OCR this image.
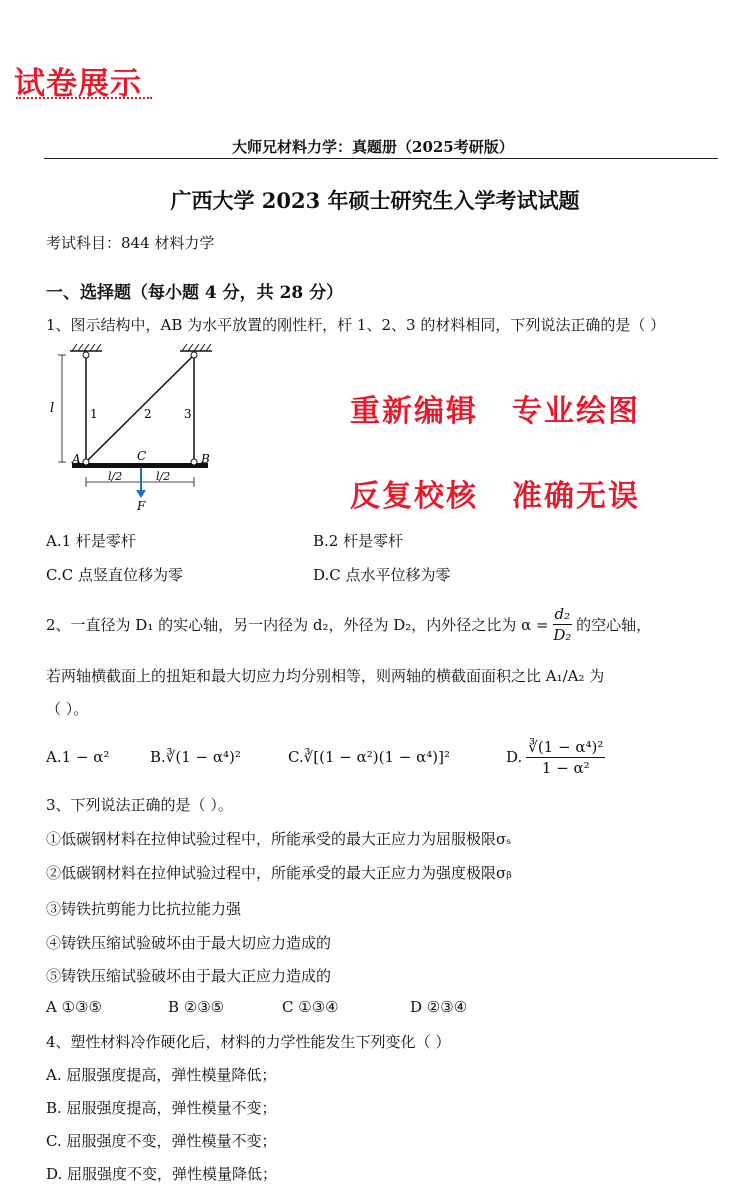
试卷展示
大师兄材料力学：真题册（2025考研版）
广西大学 2023 年硕士研究生入学考试试题
考试科目：844 材料力学
一、选择题（每小题 4 分，共 28 分）
1、图示结构中，AB 为水平放置的刚性杆，杆 1、2、3 的材料相同，下列说法正确的是（ ）
l	1	2	3
A	C	B
l/2	l/2
F
重新编辑 专业绘图
反复校核 准确无误
A.1 杆是零杆	B.2 杆是零杆
C.C 点竖直位移为零	D.C 点水平位移为零
2、一直径为 D₁ 的实心轴，另一内径为 d₂，外径为 D₂，内外径之比为 $\alpha = \frac{\text{d₂}}{\text{D₂}}$ 的空心轴，
若两轴横截面上的扭矩和最大切应力均分别相等，则两轴的横截面面积之比 A₁/A₂ 为
（ ）。
A.1 − α²	B.∛(1 − α⁴)²	C.∛[(1 − α²)(1 − α⁴)]²	D. $\frac{\text{∛(1 − α⁴)²}}{\text{1 − α²}}$
3、下列说法正确的是（ ）。
①低碳钢材料在拉伸试验过程中，所能承受的最大正应力为屈服极限σₛ
②低碳钢材料在拉伸试验过程中，所能承受的最大正应力为强度极限σᵦ
③铸铁抗剪能力比抗拉能力强
④铸铁压缩试验破坏由于最大切应力造成的
⑤铸铁压缩试验破坏由于最大正应力造成的
A ①③⑤	B ②③⑤	C ①③④	D ②③④
4、塑性材料冷作硬化后，材料的力学性能发生下列变化（ ）
A. 屈服强度提高，弹性模量降低；
B. 屈服强度提高，弹性模量不变；
C. 屈服强度不变，弹性模量不变；
D. 屈服强度不变，弹性模量降低；
